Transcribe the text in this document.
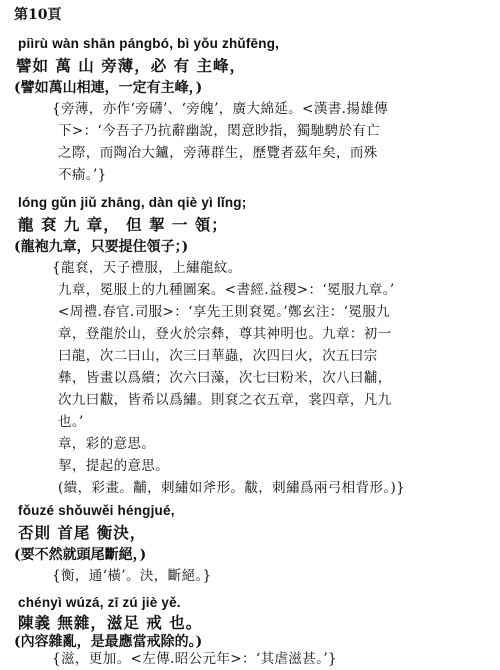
第10頁
piìrù wàn shān pángbó, bì yǒu zhǔfēng,
譬如 萬 山 旁薄，必 有 主峰，
(譬如萬山相連，一定有主峰，)
{旁薄，亦作‘旁礴’、‘旁魄’，廣大綿延。<漢書.揚雄傳
下>：‘今吾子乃抗辭幽說，閎意眇指，獨馳騁於有亡
之際，而陶冶大鑪，旁薄群生，歷覽者茲年矣，而殊
不瘉。’}
lóng gǔn jiǔ zhāng, dàn qiè yì lǐng;
龍 袞 九 章， 但 挈 一 領；
(龍袍九章，只要提住領子；)
{龍袞，天子禮服，上繡龍紋。
九章，冕服上的九種圖案。<書經.益稷>：‘冕服九章。’
<周禮.春官.司服>：‘享先王則袞冕。’鄭玄注：‘冕服九
章，登龍於山，登火於宗彝，尊其神明也。九章：初一
曰龍，次二曰山，次三曰華蟲，次四曰火，次五曰宗
彝，皆畫以爲繢；次六曰藻，次七曰粉米，次八曰黼，
次九曰黻，皆希以爲繡。則袞之衣五章，裳四章，凡九
也。’
章，彩的意思。
挈，提起的意思。
(繢，彩畫。黼，刺繡如斧形。黻，刺繡爲兩弓相背形。)}
fǒuzé shǒuwěi héngjué,
否則 首尾 衡決，
(要不然就頭尾斷絕，)
{衡，通‘橫’。決，斷絕。}
chényì wúzá, zī zú jiè yě.
陳義 無雜，滋足 戒 也。
(內容雜亂，是最應當戒除的。)
{滋，更加。<左傳.昭公元年>：‘其虐滋甚。’}
